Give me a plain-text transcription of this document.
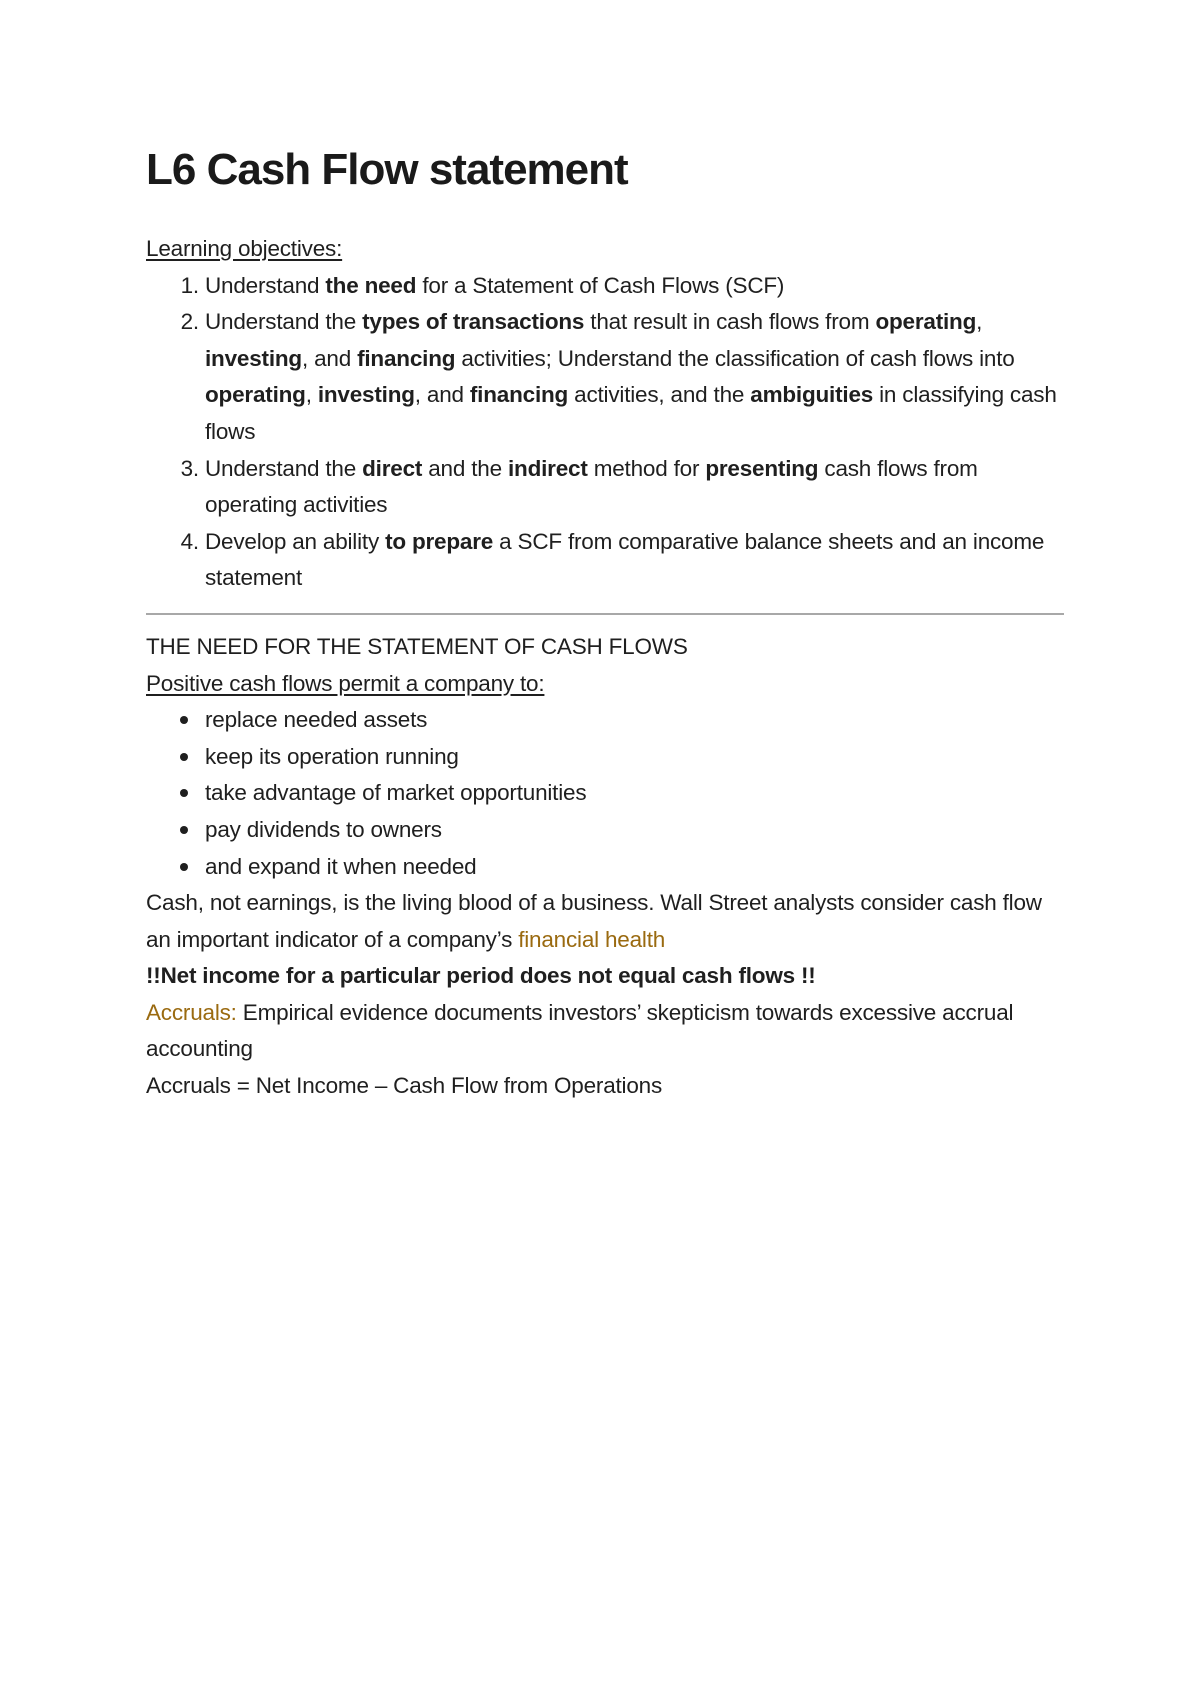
L6 Cash Flow statement
Learning objectives:
1. Understand the need for a Statement of Cash Flows (SCF)
2. Understand the types of transactions that result in cash flows from operating, investing, and financing activities; Understand the classification of cash flows into operating, investing, and financing activities, and the ambiguities in classifying cash flows
3. Understand the direct and the indirect method for presenting cash flows from operating activities
4. Develop an ability to prepare a SCF from comparative balance sheets and an income statement
THE NEED FOR THE STATEMENT OF CASH FLOWS
Positive cash flows permit a company to:
replace needed assets
keep its operation running
take advantage of market opportunities
pay dividends to owners
and expand it when needed
Cash, not earnings, is the living blood of a business. Wall Street analysts consider cash flow an important indicator of a company’s financial health
!!Net income for a particular period does not equal cash flows !!
Accruals: Empirical evidence documents investors’ skepticism towards excessive accrual accounting
Accruals = Net Income – Cash Flow from Operations
